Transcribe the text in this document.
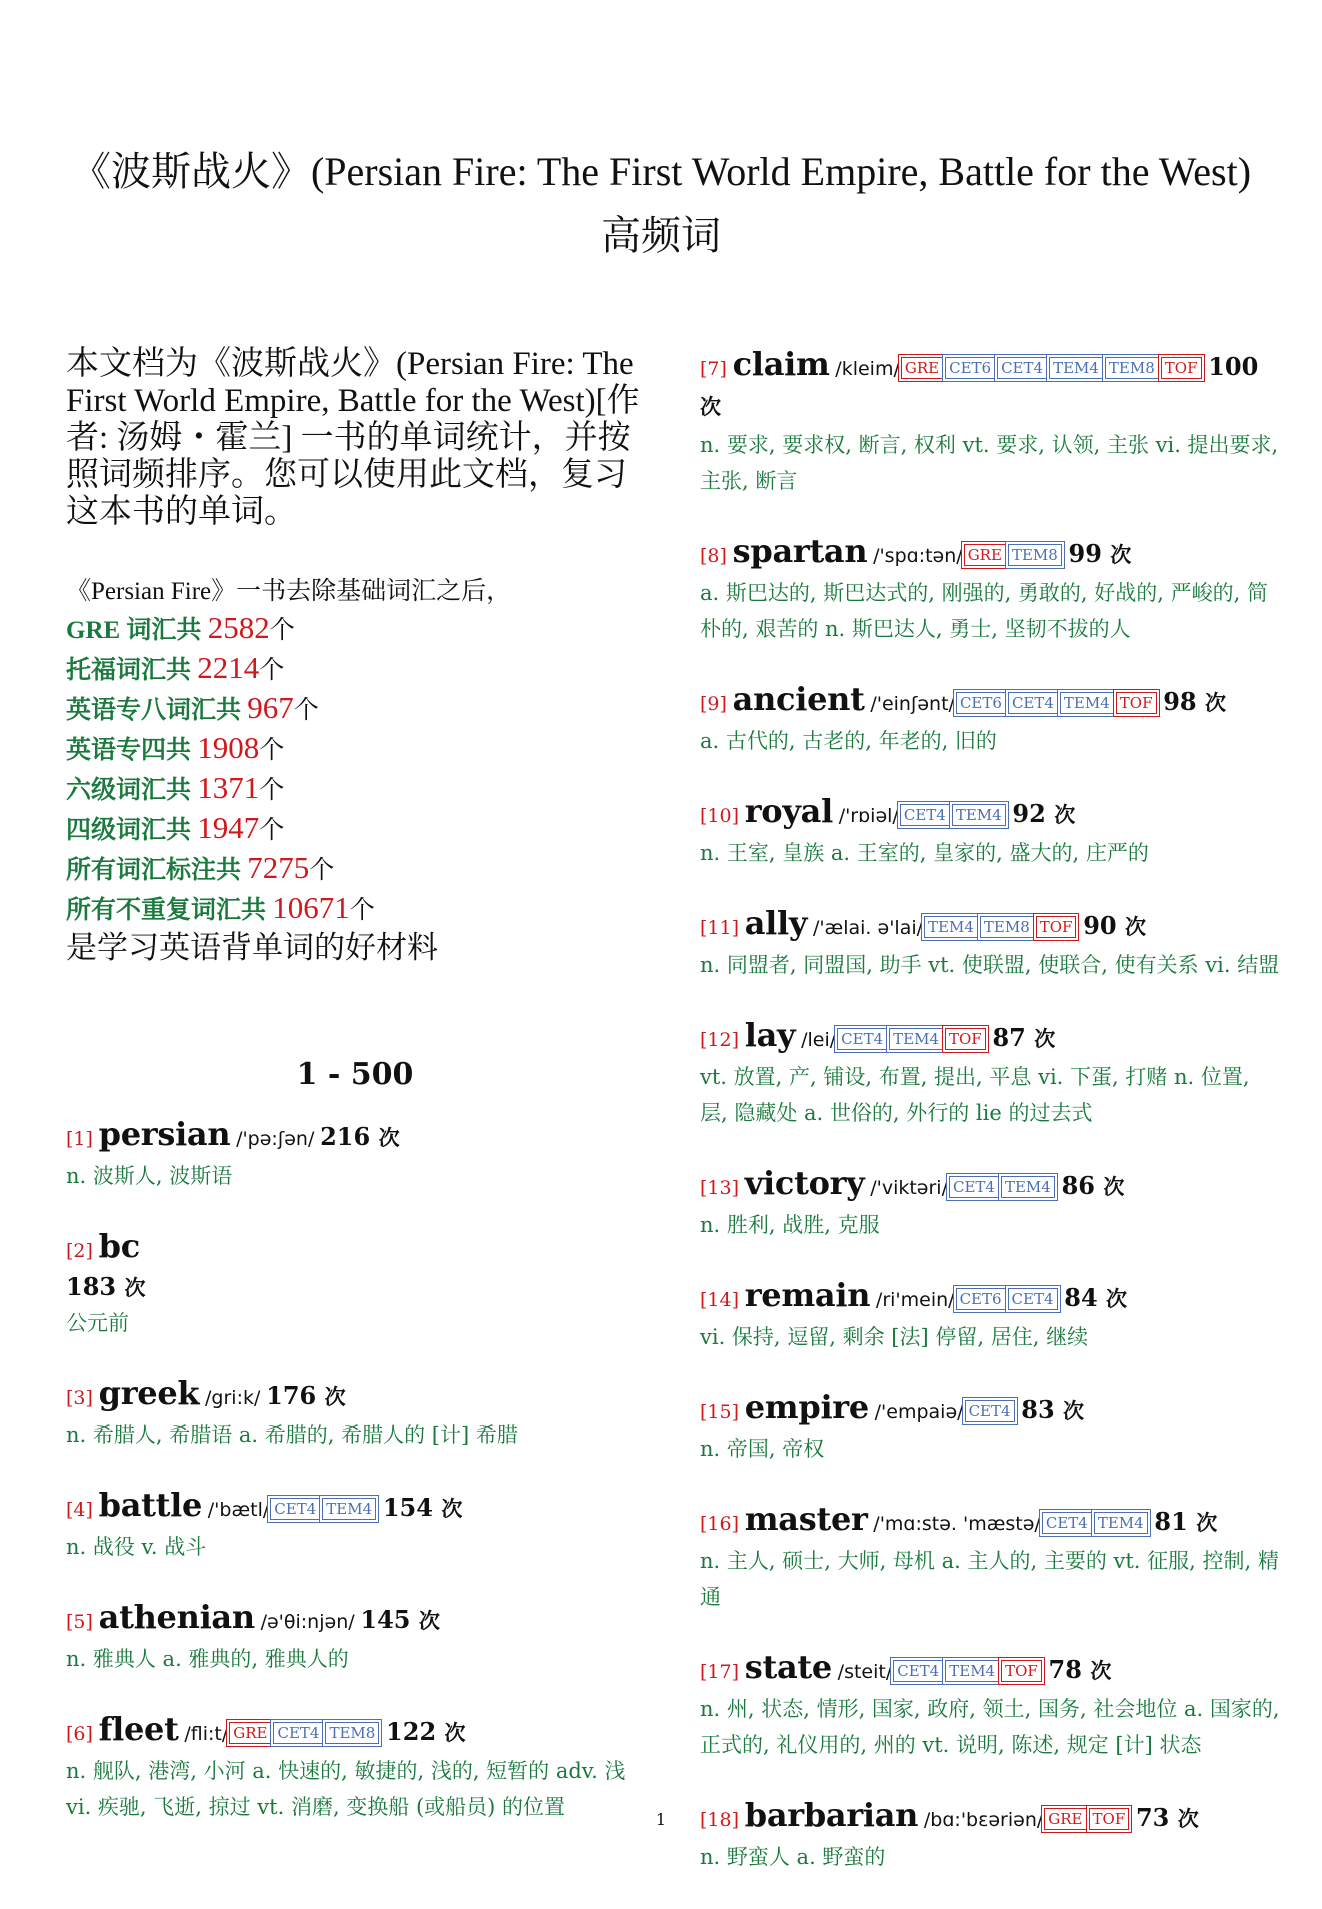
《波斯战火》(Persian Fire: The First World Empire, Battle for the West) 高频词
本文档为《波斯战火》(Persian Fire: The First World Empire, Battle for the West)[作者: 汤姆・霍兰] 一书的单词统计，并按照词频排序。您可以使用此文档，复习这本书的单词。
《Persian Fire》一书去除基础词汇之后，
GRE 词汇共 2582个
托福词汇共 2214个
英语专八词汇共 967个
英语专四共 1908个
六级词汇共 1371个
四级词汇共 1947个
所有词汇标注共 7275个
所有不重复词汇共 10671个
是学习英语背单词的好材料
1 - 500
[1] persian /'pə:ʃən/ 216 次
n. 波斯人, 波斯语
[2] bc
183 次
公元前
[3] greek /gri:k/ 176 次
n. 希腊人, 希腊语 a. 希腊的, 希腊人的 [计] 希腊
[4] battle /'bætl/ CET4 TEM4 154 次
n. 战役 v. 战斗
[5] athenian /ə'θi:njən/ 145 次
n. 雅典人 a. 雅典的, 雅典人的
[6] fleet /fli:t/ GRE CET4 TEM8 122 次
n. 舰队, 港湾, 小河 a. 快速的, 敏捷的, 浅的, 短暂的 adv. 浅 vi. 疾驰, 飞逝, 掠过 vt. 消磨, 变换船 (或船员) 的位置
[7] claim /kleim/ GRE CET6 CET4 TEM4 TEM8 TOF 100 次
n. 要求, 要求权, 断言, 权利 vt. 要求, 认领, 主张 vi. 提出要求, 主张, 断言
[8] spartan /'spɑ:tən/ GRE TEM8 99 次
a. 斯巴达的, 斯巴达式的, 刚强的, 勇敢的, 好战的, 严峻的, 简朴的, 艰苦的 n. 斯巴达人, 勇士, 坚韧不拔的人
[9] ancient /'einʃənt/ CET6 CET4 TEM4 TOF 98 次
a. 古代的, 古老的, 年老的, 旧的
[10] royal /'rɒiəl/ CET4 TEM4 92 次
n. 王室, 皇族 a. 王室的, 皇家的, 盛大的, 庄严的
[11] ally /'ælai. ə'lai/ TEM4 TEM8 TOF 90 次
n. 同盟者, 同盟国, 助手 vt. 使联盟, 使联合, 使有关系 vi. 结盟
[12] lay /lei/ CET4 TEM4 TOF 87 次
vt. 放置, 产, 铺设, 布置, 提出, 平息 vi. 下蛋, 打赌 n. 位置, 层, 隐藏处 a. 世俗的, 外行的 lie 的过去式
[13] victory /'viktəri/ CET4 TEM4 86 次
n. 胜利, 战胜, 克服
[14] remain /ri'mein/ CET6 CET4 84 次
vi. 保持, 逗留, 剩余 [法] 停留, 居住, 继续
[15] empire /'empaiə/ CET4 83 次
n. 帝国, 帝权
[16] master /'mɑ:stə. 'mæstə/ CET4 TEM4 81 次
n. 主人, 硕士, 大师, 母机 a. 主人的, 主要的 vt. 征服, 控制, 精通
[17] state /steit/ CET4 TEM4 TOF 78 次
n. 州, 状态, 情形, 国家, 政府, 领土, 国务, 社会地位 a. 国家的, 正式的, 礼仪用的, 州的 vt. 说明, 陈述, 规定 [计] 状态
[18] barbarian /bɑ:'bɛəriən/ GRE TOF 73 次
n. 野蛮人 a. 野蛮的
1
